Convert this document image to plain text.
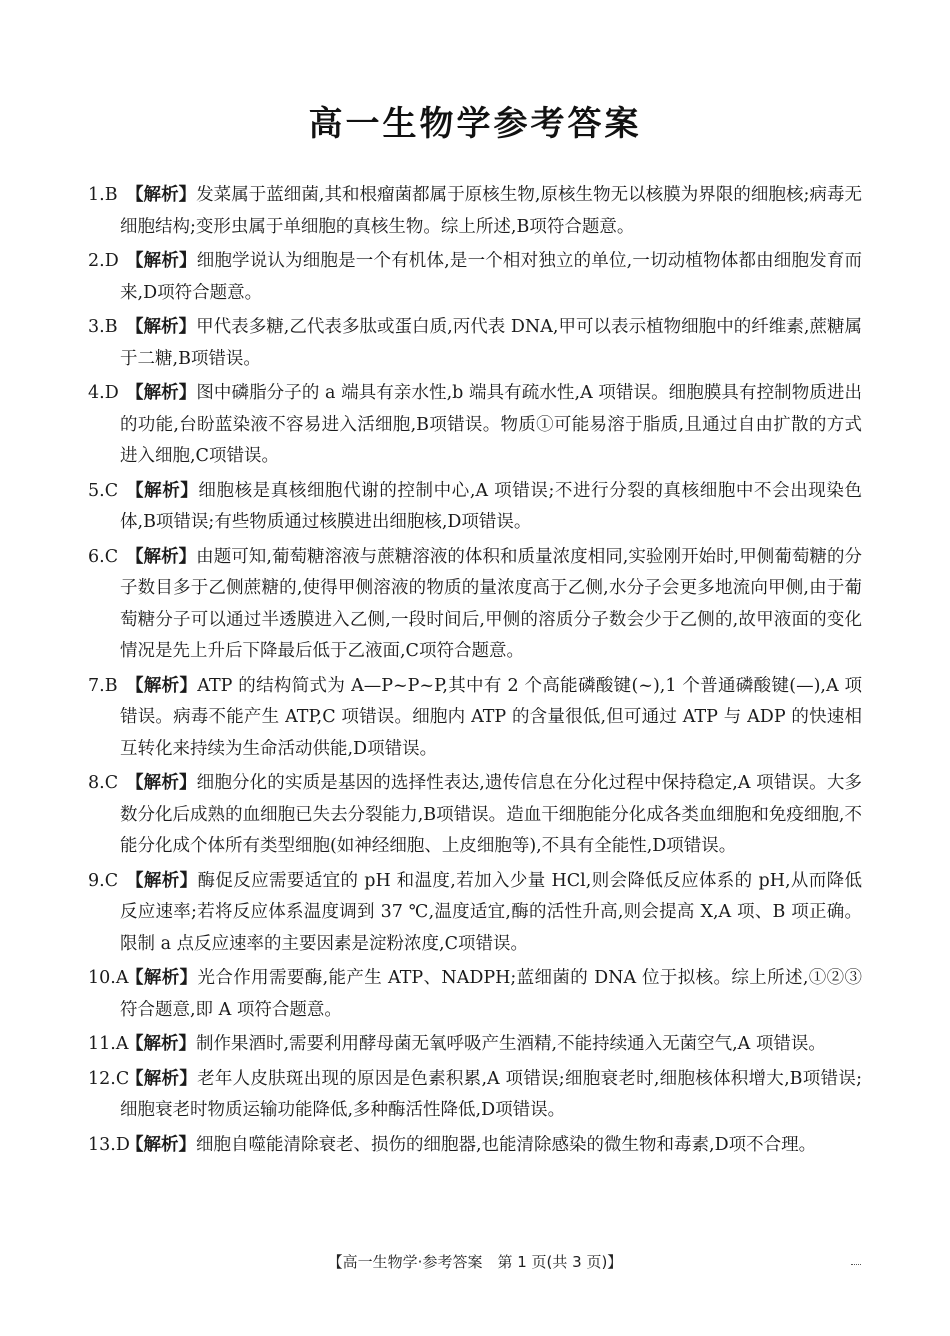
高一生物学参考答案
1.B 【解析】发菜属于蓝细菌,其和根瘤菌都属于原核生物,原核生物无以核膜为界限的细胞核;病毒无细胞结构;变形虫属于单细胞的真核生物。综上所述,B项符合题意。
2.D 【解析】细胞学说认为细胞是一个有机体,是一个相对独立的单位,一切动植物体都由细胞发育而来,D项符合题意。
3.B 【解析】甲代表多糖,乙代表多肽或蛋白质,丙代表 DNA,甲可以表示植物细胞中的纤维素,蔗糖属于二糖,B项错误。
4.D 【解析】图中磷脂分子的 a 端具有亲水性,b 端具有疏水性,A 项错误。细胞膜具有控制物质进出的功能,台盼蓝染液不容易进入活细胞,B项错误。物质①可能易溶于脂质,且通过自由扩散的方式进入细胞,C项错误。
5.C 【解析】细胞核是真核细胞代谢的控制中心,A 项错误;不进行分裂的真核细胞中不会出现染色体,B项错误;有些物质通过核膜进出细胞核,D项错误。
6.C 【解析】由题可知,葡萄糖溶液与蔗糖溶液的体积和质量浓度相同,实验刚开始时,甲侧葡萄糖的分子数目多于乙侧蔗糖的,使得甲侧溶液的物质的量浓度高于乙侧,水分子会更多地流向甲侧,由于葡萄糖分子可以通过半透膜进入乙侧,一段时间后,甲侧的溶质分子数会少于乙侧的,故甲液面的变化情况是先上升后下降最后低于乙液面,C项符合题意。
7.B 【解析】ATP 的结构简式为 A—P~P~P,其中有 2 个高能磷酸键(~),1 个普通磷酸键(—),A 项错误。病毒不能产生 ATP,C 项错误。细胞内 ATP 的含量很低,但可通过 ATP 与 ADP 的快速相互转化来持续为生命活动供能,D项错误。
8.C 【解析】细胞分化的实质是基因的选择性表达,遗传信息在分化过程中保持稳定,A 项错误。大多数分化后成熟的血细胞已失去分裂能力,B项错误。造血干细胞能分化成各类血细胞和免疫细胞,不能分化成个体所有类型细胞(如神经细胞、上皮细胞等),不具有全能性,D项错误。
9.C 【解析】酶促反应需要适宜的 pH 和温度,若加入少量 HCl,则会降低反应体系的 pH,从而降低反应速率;若将反应体系温度调到 37 ℃,温度适宜,酶的活性升高,则会提高 X,A 项、B 项正确。限制 a 点反应速率的主要因素是淀粉浓度,C项错误。
10.A
【解析】光合作用需要酶,能产生 ATP、NADPH;蓝细菌的 DNA 位于拟核。综上所述,①②③符合题意,即 A 项符合题意。
11.A
【解析】制作果酒时,需要利用酵母菌无氧呼吸产生酒精,不能持续通入无菌空气,A 项错误。
12.C
【解析】老年人皮肤斑出现的原因是色素积累,A 项错误;细胞衰老时,细胞核体积增大,B项错误;细胞衰老时物质运输功能降低,多种酶活性降低,D项错误。
13.D
【解析】细胞自噬能清除衰老、损伤的细胞器,也能清除感染的微生物和毒素,D项不合理。
【高一生物学·参考答案　第 1 页(共 3 页)】
